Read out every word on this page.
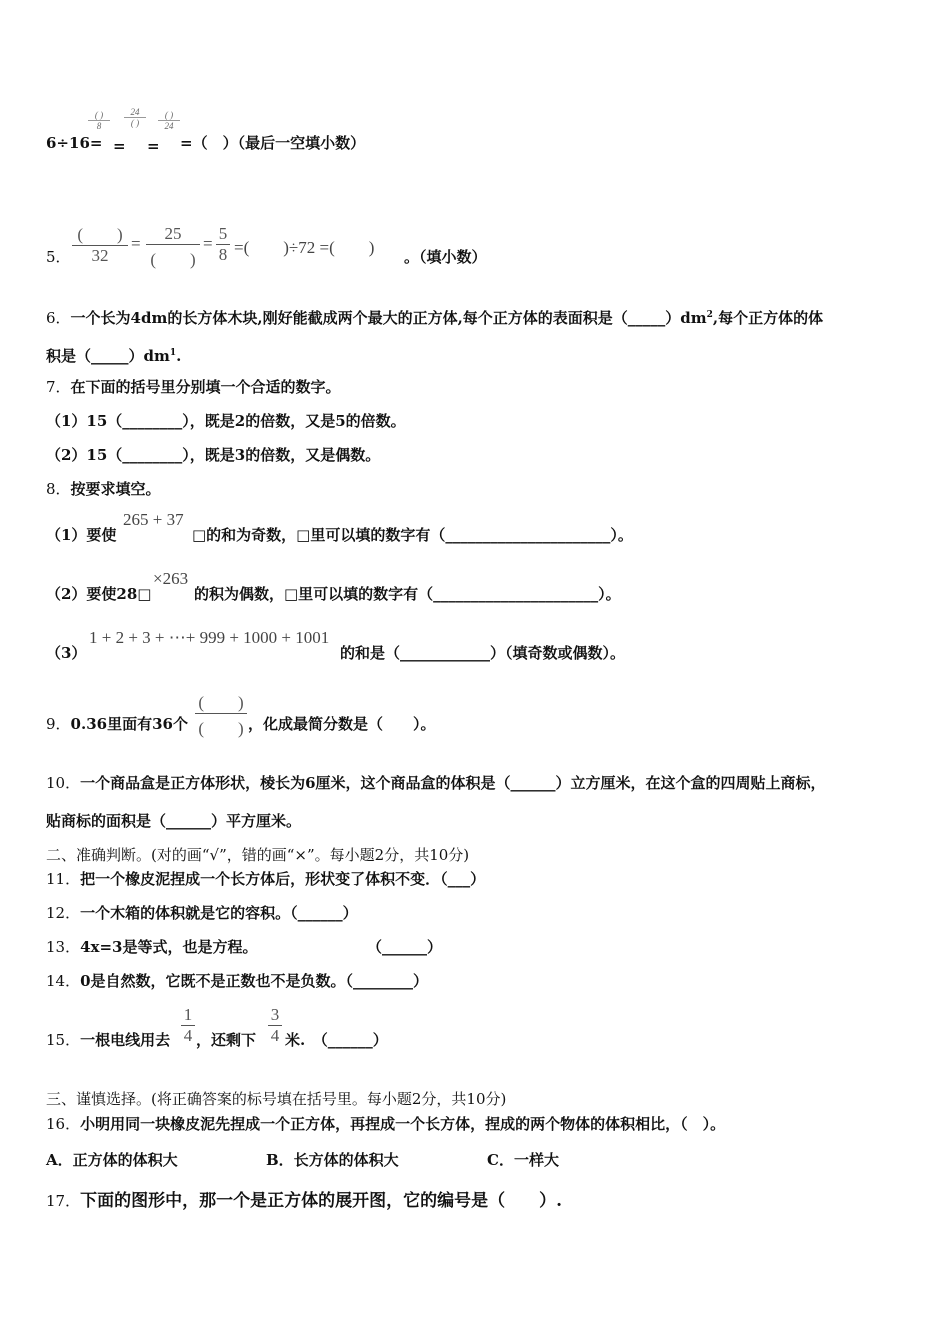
( )
8
24
( )
( )
24
6÷16= = = =（　）（最后一空填小数）
5．
(　　)
32
=
25
(　　)
= $\frac{5}{8}$ =(　　)÷72 =(　　) 。（填小数）
6．一个长为4dm的长方体木块,刚好能截成两个最大的正方体,每个正方体的表面积是$(\_\_\_\_\_)dm^2$,每个正方体的体
积是$(\_\_\_\_\_)dm^1$.
7．在下面的括号里分别填一个合适的数字。
（1）15（________），既是2的倍数，又是5的倍数。
（2）15（________），既是3的倍数，又是偶数。
8．按要求填空。
（1）要使
265 + 37
□的和为奇数，□里可以填的数字有（______________________）。
（2）要使28□
×263
的积为偶数，□里可以填的数字有（______________________）。
（3）
1 + 2 + 3 + ⋯+ 999 + 1000 + 1001
的和是（____________）（填奇数或偶数）。
9．0.36里面有36个
(　　)
(　　) ，化成最简分数是（　　）。
10．一个商品盒是正方体形状，棱长为6厘米，这个商品盒的体积是（______）立方厘米，在这个盒的四周贴上商标，
贴商标的面积是（______）平方厘米。
二、准确判断。(对的画“√”，错的画“×”。每小题2分，共10分)
11．把一个橡皮泥捏成一个长方体后，形状变了体积不变．（___）
12．一个木箱的体积就是它的容积。（______）
13．4x=3是等式，也是方程。	（______）
14．0是自然数，它既不是正数也不是负数。（________）
15．一根电线用去 $\frac{1}{4}$ ，还剩下 $\frac{3}{4}$ 米.　（______）
三、谨慎选择。(将正确答案的标号填在括号里。每小题2分，共10分)
16．小明用同一块橡皮泥先捏成一个正方体，再捏成一个长方体，捏成的两个物体的体积相比，（　）。
A．正方体的体积大	B．长方体的体积大	C．一样大
17．下面的图形中，那一个是正方体的展开图，它的编号是（　　）.
